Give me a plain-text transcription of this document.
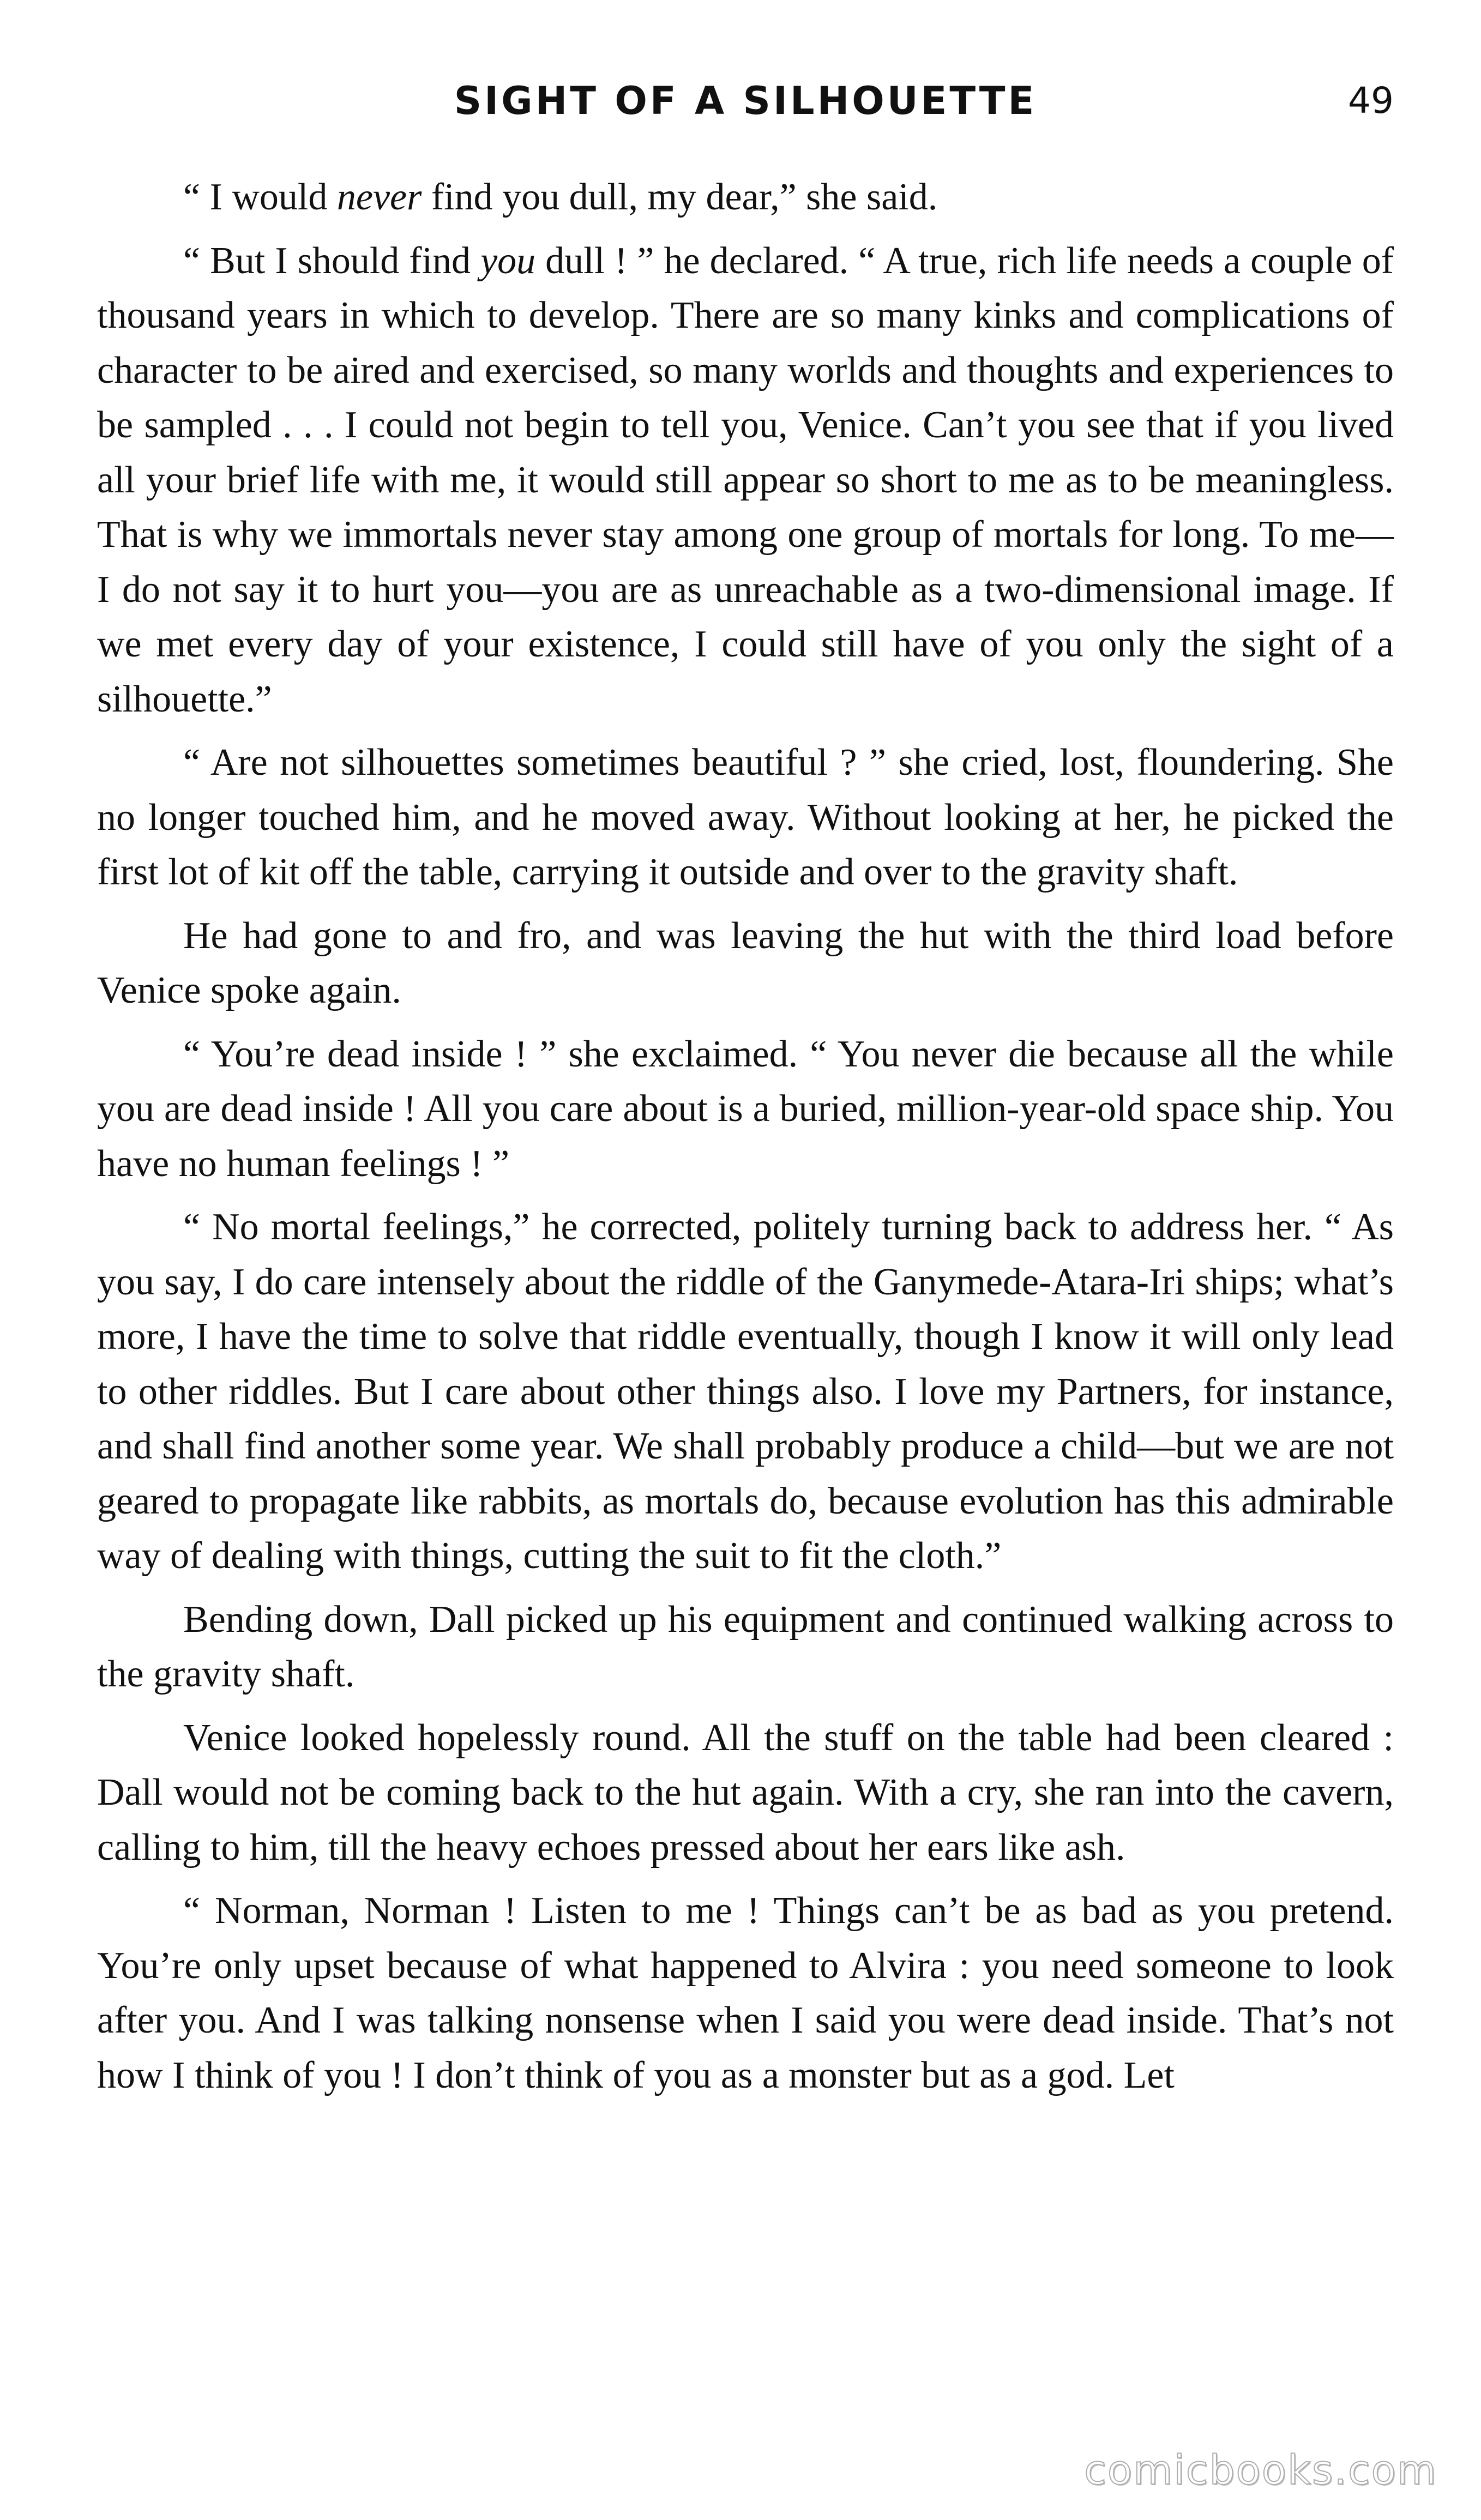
SIGHT OF A SILHOUETTE	49

“ I would never find you dull, my dear,” she said.

“ But I should find you dull ! ” he declared. “ A true, rich life needs a couple of thousand years in which to develop. There are so many kinks and complications of character to be aired and exercised, so many worlds and thoughts and experiences to be sampled . . . I could not begin to tell you, Venice. Can’t you see that if you lived all your brief life with me, it would still appear so short to me as to be meaningless. That is why we immortals never stay among one group of mortals for long. To me—I do not say it to hurt you—you are as unreachable as a two-dimensional image. If we met every day of your existence, I could still have of you only the sight of a silhouette.”

“ Are not silhouettes sometimes beautiful ? ” she cried, lost, floundering. She no longer touched him, and he moved away. Without looking at her, he picked the first lot of kit off the table, carrying it outside and over to the gravity shaft.

He had gone to and fro, and was leaving the hut with the third load before Venice spoke again.

“ You’re dead inside ! ” she exclaimed. “ You never die because all the while you are dead inside ! All you care about is a buried, million-year-old space ship. You have no human feelings ! ”

“ No mortal feelings,” he corrected, politely turning back to address her. “ As you say, I do care intensely about the riddle of the Ganymede-Atara-Iri ships; what’s more, I have the time to solve that riddle eventually, though I know it will only lead to other riddles. But I care about other things also. I love my Partners, for instance, and shall find another some year. We shall probably produce a child—but we are not geared to propagate like rabbits, as mortals do, because evolution has this admirable way of dealing with things, cutting the suit to fit the cloth.”

Bending down, Dall picked up his equipment and continued walking across to the gravity shaft.

Venice looked hopelessly round. All the stuff on the table had been cleared : Dall would not be coming back to the hut again. With a cry, she ran into the cavern, calling to him, till the heavy echoes pressed about her ears like ash.

“ Norman, Norman ! Listen to me ! Things can’t be as bad as you pretend. You’re only upset because of what happened to Alvira : you need someone to look after you. And I was talking nonsense when I said you were dead inside. That’s not how I think of you ! I don’t think of you as a monster but as a god. Let

comicbooks.com
